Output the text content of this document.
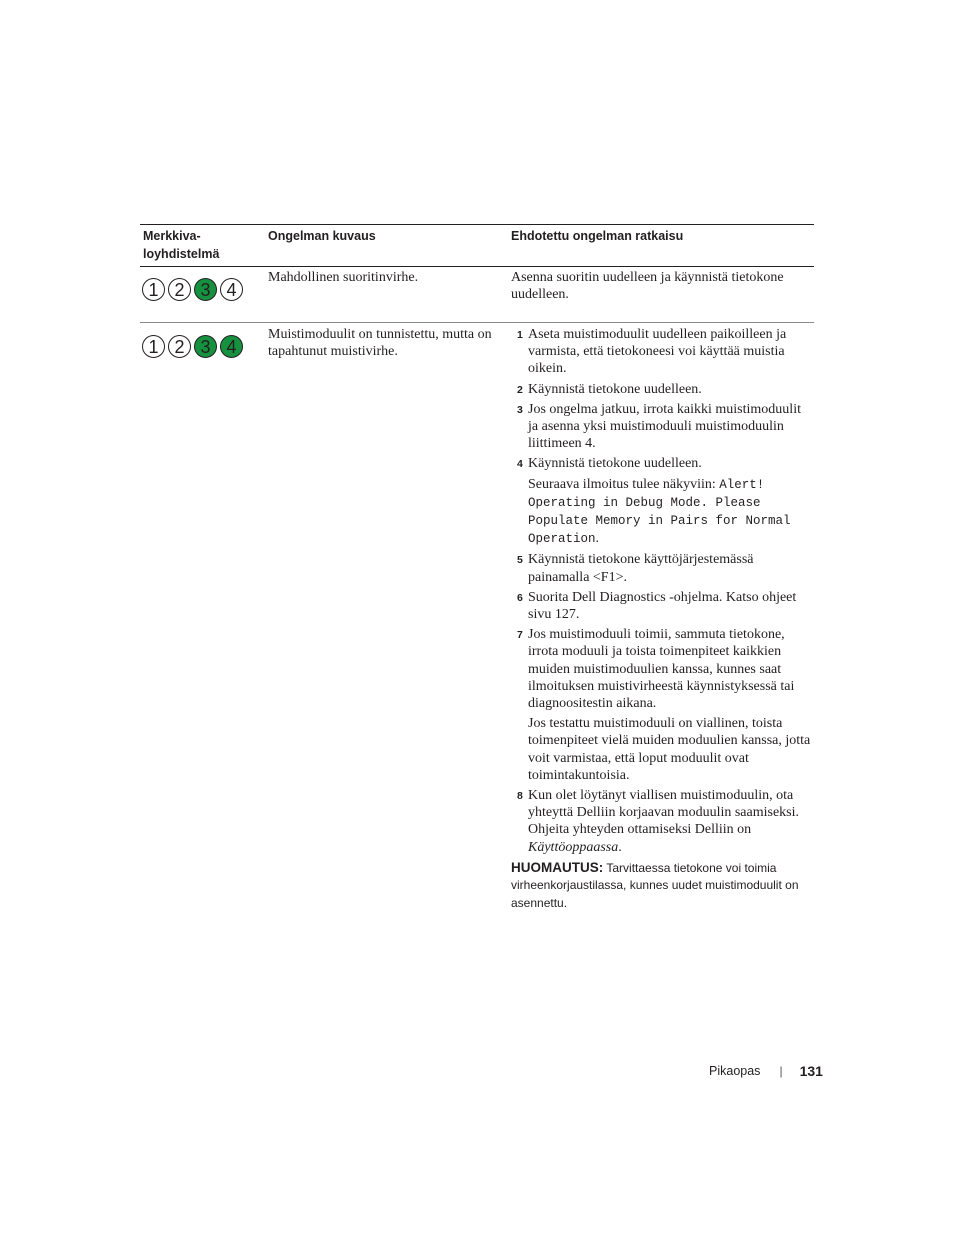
Merkkiva-
loyhdistelmä
Ongelman kuvaus	Ehdotettu ongelman ratkaisu
1 2 3 4
Mahdollinen suoritinvirhe.	Asenna suoritin uudelleen ja käynnistä tietokone uudelleen.
1 2 3 4
Muistimoduulit on tunnistettu, mutta on tapahtunut muistivirhe.
1 Aseta muistimoduulit uudelleen paikoilleen ja varmista, että tietokoneesi voi käyttää muistia oikein.
2 Käynnistä tietokone uudelleen.
3 Jos ongelma jatkuu, irrota kaikki muistimoduulit ja asenna yksi muistimoduuli muistimoduulin liittimeen 4.
4 Käynnistä tietokone uudelleen.
Seuraava ilmoitus tulee näkyviin: Alert! Operating in Debug Mode. Please Populate Memory in Pairs for Normal Operation.
5 Käynnistä tietokone käyttöjärjestemässä painamalla <F1>.
6 Suorita Dell Diagnostics -ohjelma. Katso ohjeet sivu 127.
7 Jos muistimoduuli toimii, sammuta tietokone, irrota moduuli ja toista toimenpiteet kaikkien muiden muistimoduulien kanssa, kunnes saat ilmoituksen muistivirheestä käynnistyksessä tai diagnoositestin aikana.
Jos testattu muistimoduuli on viallinen, toista toimenpiteet vielä muiden moduulien kanssa, jotta voit varmistaa, että loput moduulit ovat toimintakuntoisia.
8 Kun olet löytänyt viallisen muistimoduulin, ota yhteyttä Delliin korjaavan moduulin saamiseksi. Ohjeita yhteyden ottamiseksi Delliin on Käyttöoppaassa.
HUOMAUTUS: Tarvittaessa tietokone voi toimia virheenkorjaustilassa, kunnes uudet muistimoduulit on asennettu.
Pikaopas | 131
